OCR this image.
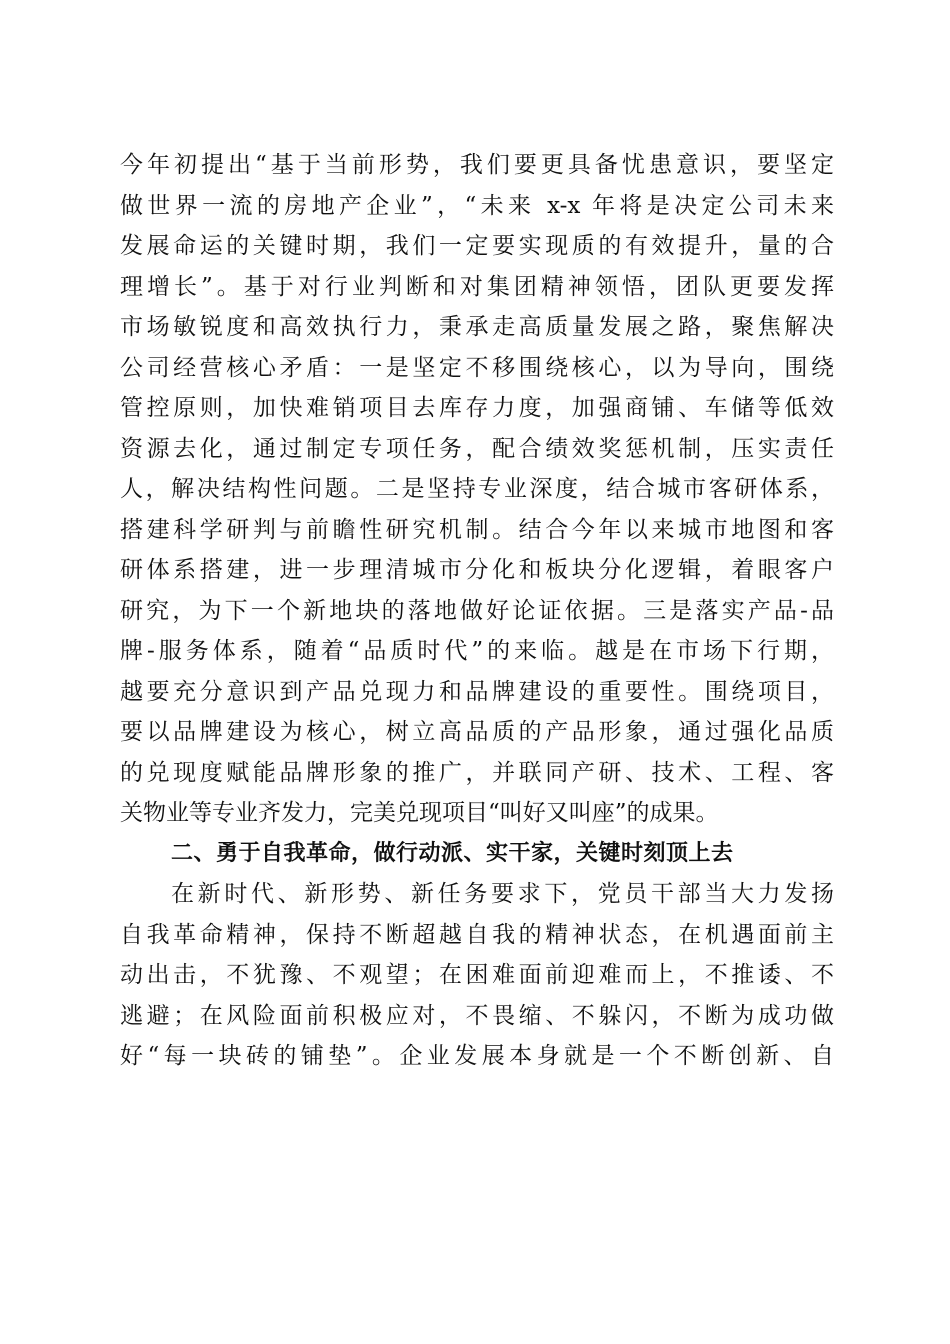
今年初提出“基于当前形势，我们要更具备忧患意识，要坚定
做世界一流的房地产企业”，“未来 x-x 年将是决定公司未来
发展命运的关键时期，我们一定要实现质的有效提升，量的合
理增长”。基于对行业判断和对集团精神领悟，团队更要发挥
市场敏锐度和高效执行力，秉承走高质量发展之路，聚焦解决
公司经营核心矛盾：一是坚定不移围绕核心，以为导向，围绕
管控原则，加快难销项目去库存力度，加强商铺、车储等低效
资源去化，通过制定专项任务，配合绩效奖惩机制，压实责任
人，解决结构性问题。二是坚持专业深度，结合城市客研体系，
搭建科学研判与前瞻性研究机制。结合今年以来城市地图和客
研体系搭建，进一步理清城市分化和板块分化逻辑，着眼客户
研究，为下一个新地块的落地做好论证依据。三是落实产品-品
牌-服务体系，随着“品质时代”的来临。越是在市场下行期，
越要充分意识到产品兑现力和品牌建设的重要性。围绕项目，
要以品牌建设为核心，树立高品质的产品形象，通过强化品质
的兑现度赋能品牌形象的推广，并联同产研、技术、工程、客
关物业等专业齐发力，完美兑现项目“叫好又叫座”的成果。
二、勇于自我革命，做行动派、实干家，关键时刻顶上去
在新时代、新形势、新任务要求下，党员干部当大力发扬
自我革命精神，保持不断超越自我的精神状态，在机遇面前主
动出击，不犹豫、不观望；在困难面前迎难而上，不推诿、不
逃避；在风险面前积极应对，不畏缩、不躲闪，不断为成功做
好“每一块砖的铺垫”。企业发展本身就是一个不断创新、自
